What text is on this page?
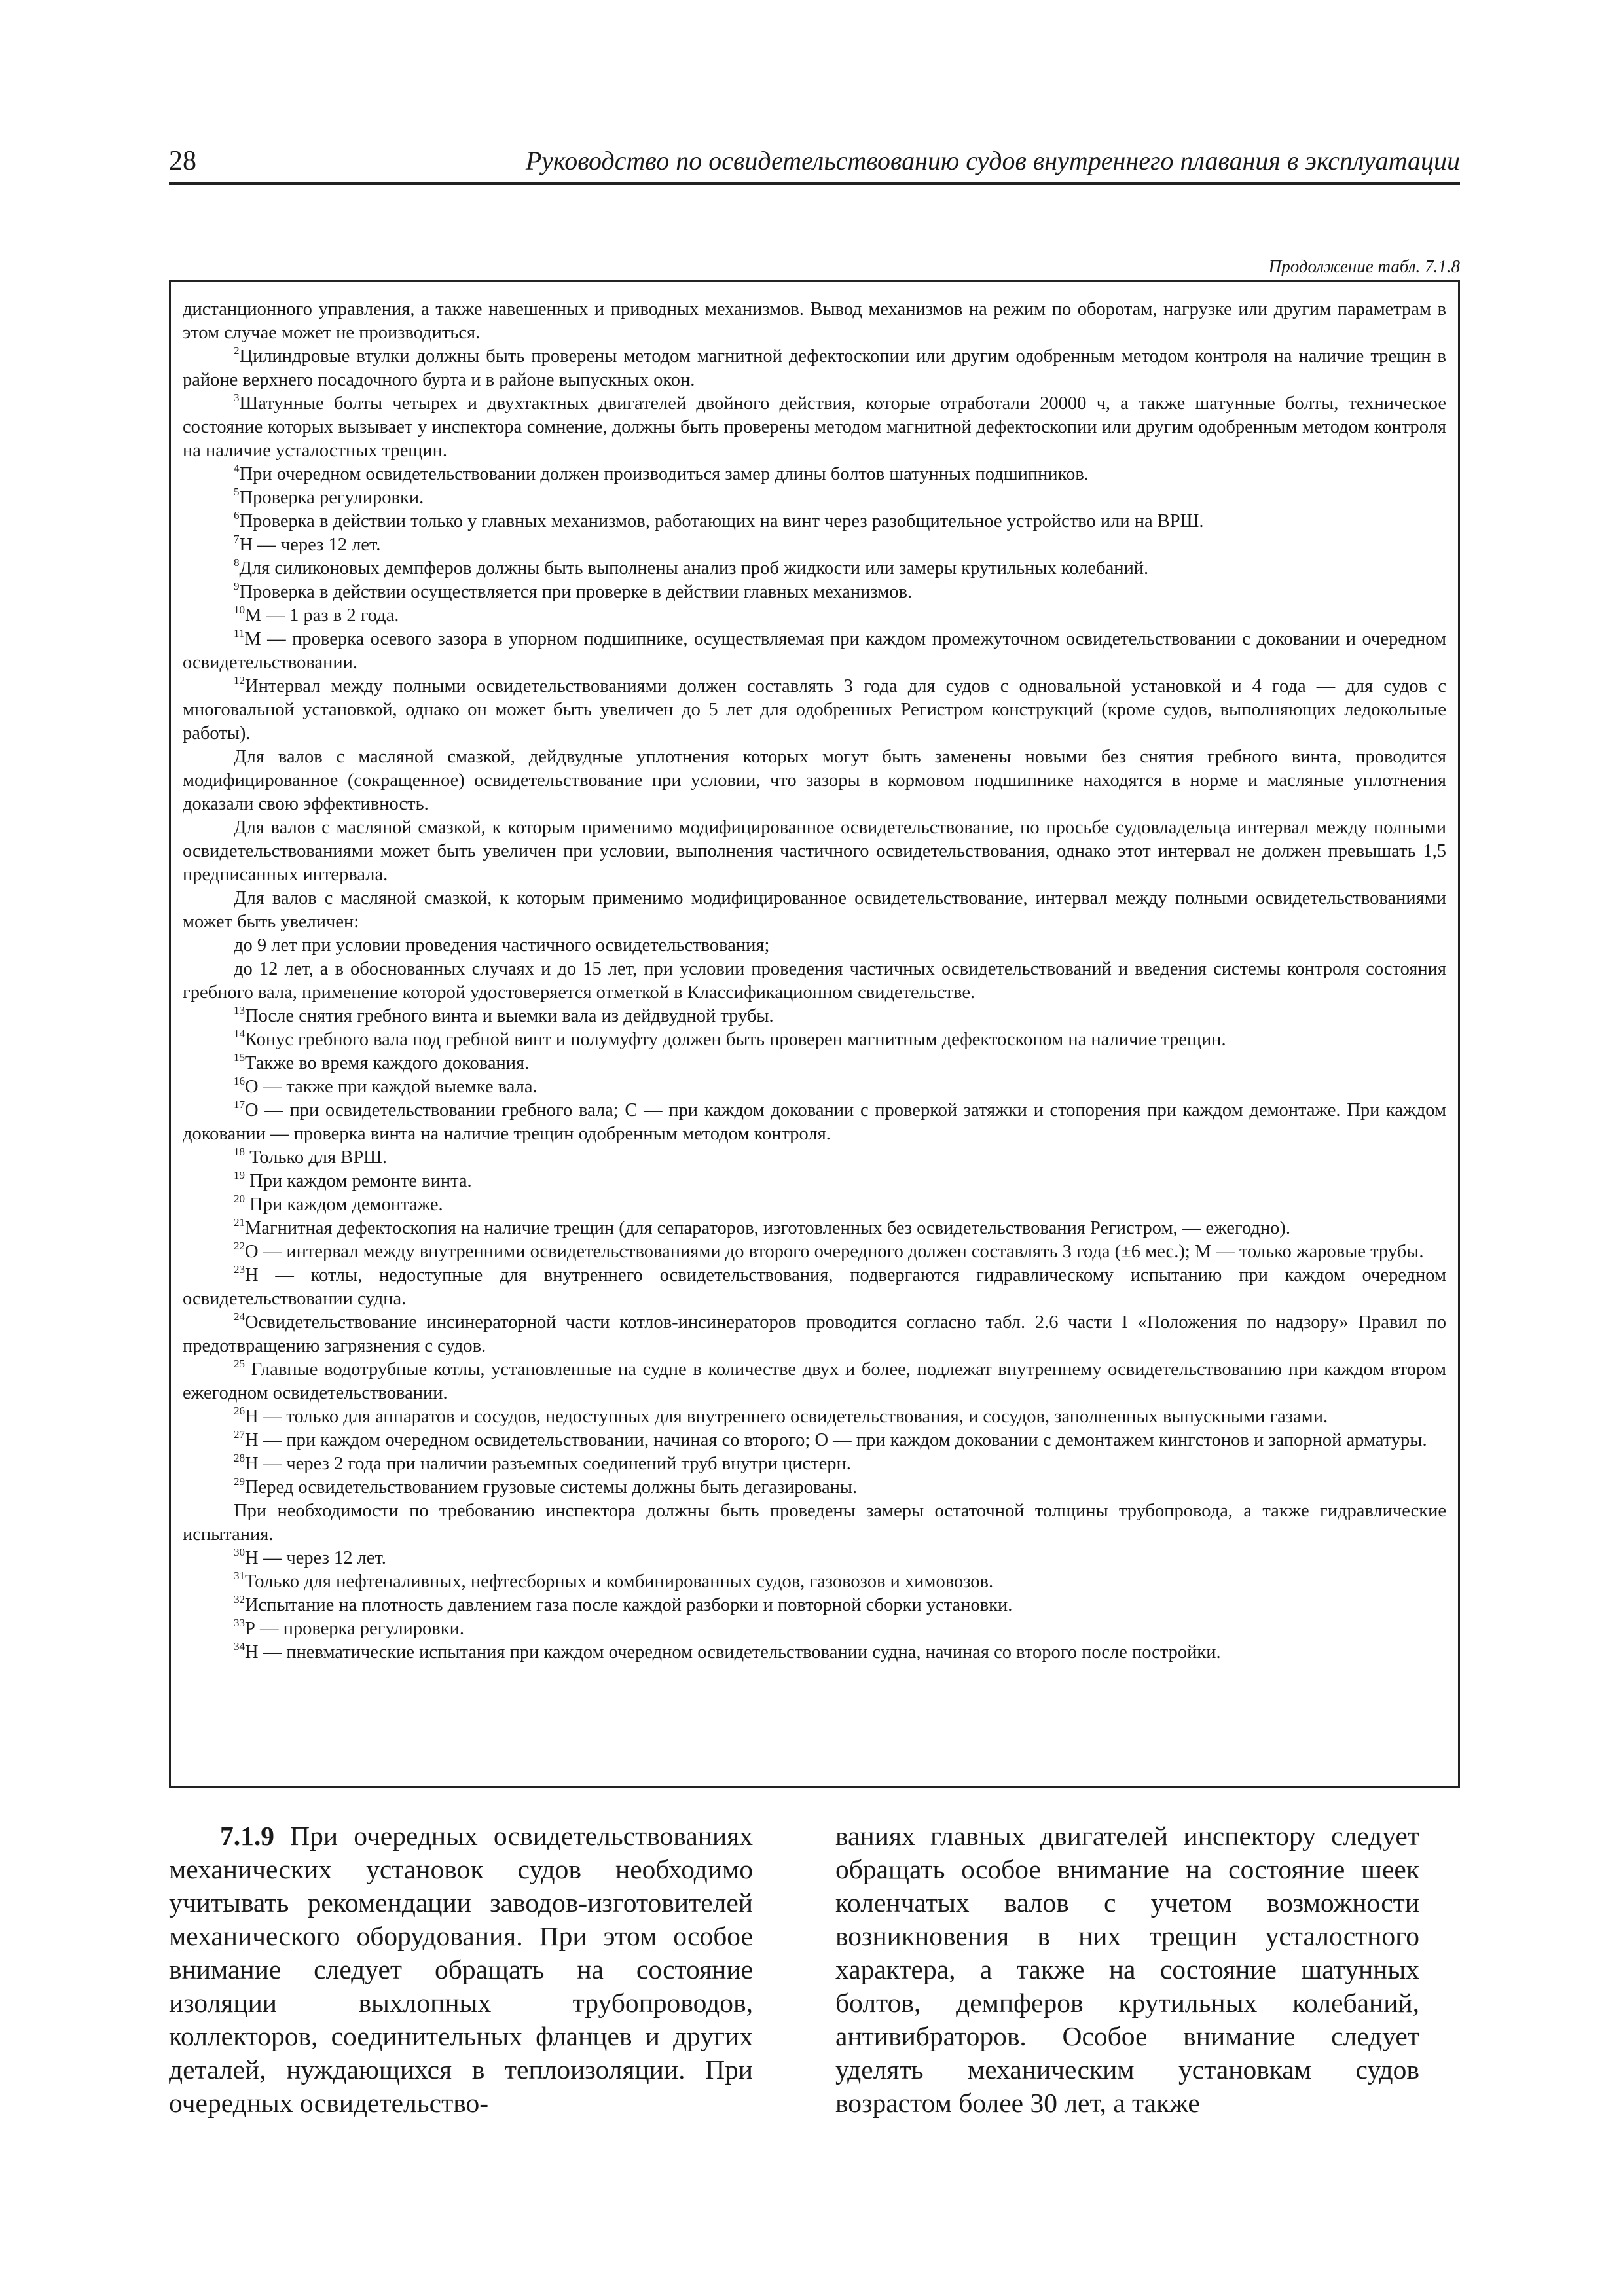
28	Руководство по освидетельствованию судов внутреннего плавания в эксплуатации
Продолжение табл. 7.1.8

дистанционного управления, а также навешенных и приводных механизмов. Вывод механизмов на режим по оборотам, нагрузке или другим параметрам в этом случае может не производиться.

$^2$Цилиндровые втулки должны быть проверены методом магнитной дефектоскопии или другим одобренным методом контроля на наличие трещин в районе верхнего посадочного бурта и в районе выпускных окон.

$^3$Шатунные болты четырех и двухтактных двигателей двойного действия, которые отработали 20000 ч, а также шатунные болты, техническое состояние которых вызывает у инспектора сомнение, должны быть проверены методом магнитной дефектоскопии или другим одобренным методом контроля на наличие усталостных трещин.

$^4$При очередном освидетельствовании должен производиться замер длины болтов шатунных подшипников.

$^5$Проверка регулировки.

$^6$Проверка в действии только у главных механизмов, работающих на винт через разобщительное устройство или на ВРШ.

$^7$Н — через 12 лет.

$^8$Для силиконовых демпферов должны быть выполнены анализ проб жидкости или замеры крутильных колебаний.

$^9$Проверка в действии осуществляется при проверке в действии главных механизмов.

$^{10}$М — 1 раз в 2 года.

$^{11}$М — проверка осевого зазора в упорном подшипнике, осуществляемая при каждом промежуточном освидетельствовании с доковании и очередном освидетельствовании.

$^{12}$Интервал между полными освидетельствованиями должен составлять 3 года для судов с одновальной установкой и 4 года — для судов с многовальной установкой, однако он может быть увеличен до 5 лет для одобренных Регистром конструкций (кроме судов, выполняющих ледокольные работы).

Для валов с масляной смазкой, дейдвудные уплотнения которых могут быть заменены новыми без снятия гребного винта, проводится модифицированное (сокращенное) освидетельствование при условии, что зазоры в кормовом подшипнике находятся в норме и масляные уплотнения доказали свою эффективность.

Для валов с масляной смазкой, к которым применимо модифицированное освидетельствование, по просьбе судовладельца интервал между полными освидетельствованиями может быть увеличен при условии, выполнения частичного освидетельствования, однако этот интервал не должен превышать 1,5 предписанных интервала.

Для валов с масляной смазкой, к которым применимо модифицированное освидетельствование, интервал между полными освидетельствованиями может быть увеличен:

до 9 лет при условии проведения частичного освидетельствования;

до 12 лет, а в обоснованных случаях и до 15 лет, при условии проведения частичных освидетельствований и введения системы контроля состояния гребного вала, применение которой удостоверяется отметкой в Классификационном свидетельстве.

$^{13}$После снятия гребного винта и выемки вала из дейдвудной трубы.

$^{14}$Конус гребного вала под гребной винт и полумуфту должен быть проверен магнитным дефектоскопом на наличие трещин.

$^{15}$Также во время каждого докования.

$^{16}$О — также при каждой выемке вала.

$^{17}$О — при освидетельствовании гребного вала; С — при каждом доковании с проверкой затяжки и стопорения при каждом демонтаже. При каждом доковании — проверка винта на наличие трещин одобренным методом контроля.

$^{18}$ Только для ВРШ.

$^{19}$ При каждом ремонте винта.

$^{20}$ При каждом демонтаже.

$^{21}$Магнитная дефектоскопия на наличие трещин (для сепараторов, изготовленных без освидетельствования Регистром, — ежегодно).

$^{22}$О — интервал между внутренними освидетельствованиями до второго очередного должен составлять 3 года (±6 мес.); М — только жаровые трубы.

$^{23}$Н — котлы, недоступные для внутреннего освидетельствования, подвергаются гидравлическому испытанию при каждом очередном освидетельствовании судна.

$^{24}$Освидетельствование инсинераторной части котлов-инсинераторов проводится согласно табл. 2.6 части I «Положения по надзору» Правил по предотвращению загрязнения с судов.

$^{25}$ Главные водотрубные котлы, установленные на судне в количестве двух и более, подлежат внутреннему освидетельствованию при каждом втором ежегодном освидетельствовании.

$^{26}$Н — только для аппаратов и сосудов, недоступных для внутреннего освидетельствования, и сосудов, заполненных выпускными газами.

$^{27}$Н — при каждом очередном освидетельствовании, начиная со второго; О — при каждом доковании с демонтажем кингстонов и запорной арматуры.

$^{28}$Н — через 2 года при наличии разъемных соединений труб внутри цистерн.

$^{29}$Перед освидетельствованием грузовые системы должны быть дегазированы.

При необходимости по требованию инспектора должны быть проведены замеры остаточной толщины трубопровода, а также гидравлические испытания.

$^{30}$Н — через 12 лет.

$^{31}$Только для нефтеналивных, нефтесборных и комбинированных судов, газовозов и химовозов.

$^{32}$Испытание на плотность давлением газа после каждой разборки и повторной сборки установки.

$^{33}$Р — проверка регулировки.

$^{34}$Н — пневматические испытания при каждом очередном освидетельствовании судна, начиная со второго после постройки.

7.1.9 При очередных освидетельствованиях механических установок судов необходимо учитывать рекомендации заводов-изготовителей механического оборудования. При этом особое внимание следует обращать на состояние изоляции выхлопных трубопроводов, коллекторов, соединительных фланцев и других деталей, нуждающихся в теплоизоляции. При очередных освидетельство-

ваниях главных двигателей инспектору следует обращать особое внимание на состояние шеек коленчатых валов с учетом возможности возникновения в них трещин усталостного характера, а также на состояние шатунных болтов, демпферов крутильных колебаний, антивибраторов. Особое внимание следует уделять механическим установкам судов возрастом более 30 лет, а также
